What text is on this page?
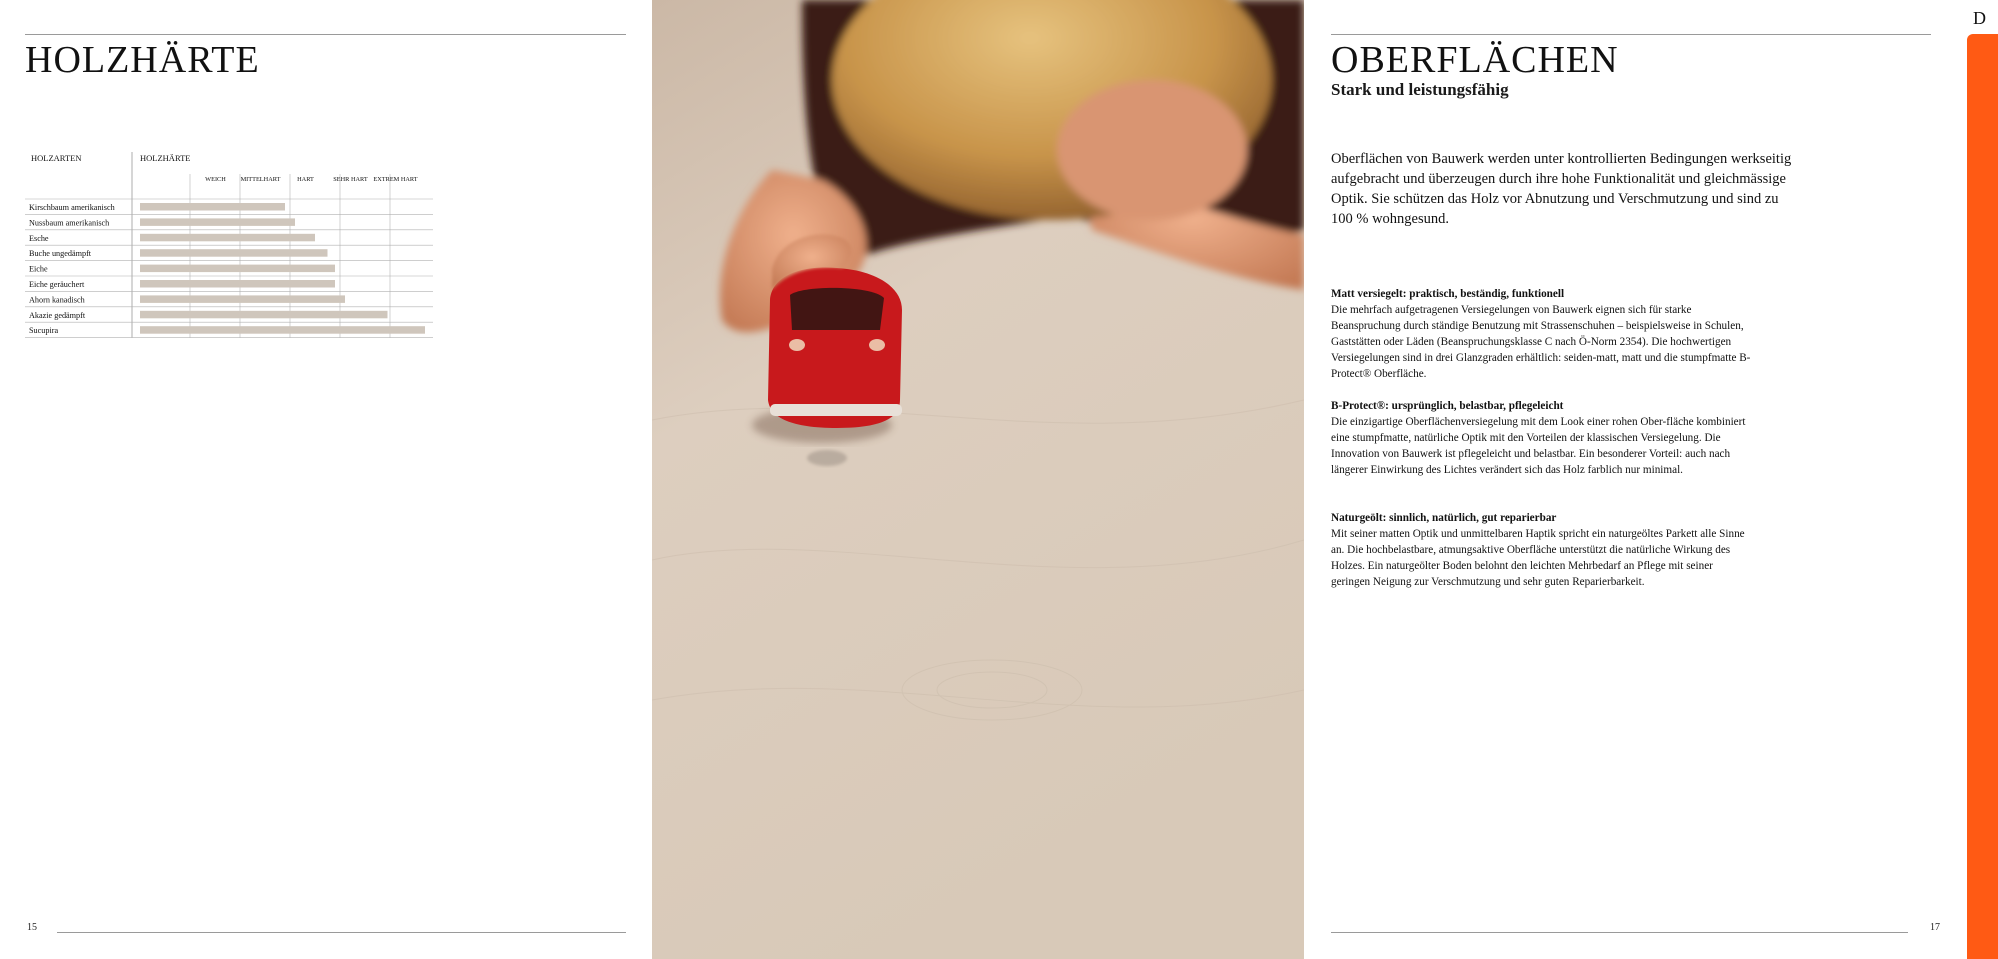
HOLZHÄRTE
HOLZARTEN	HOLZHÄRTE
WEICH MITTELHART	HART	SEHR HART EXTREM HART
Kirschbaum amerikanisch
Nussbaum amerikanisch
Esche
Buche ungedämpft
Eiche
Eiche geräuchert
Ahorn kanadisch
Akazie gedämpft
Sucupira
15
OBERFLÄCHEN
Stark und leistungsfähig

Oberflächen von Bauwerk werden unter kontrollierten Bedingungen werkseitig aufgebracht und überzeugen durch ihre hohe Funktionalität und gleichmässige Optik. Sie schützen das Holz vor Abnutzung und Verschmutzung und sind zu 100 % wohngesund.

Matt versiegelt: praktisch, beständig, funktionell

Die mehrfach aufgetragenen Versiegelungen von Bauwerk eignen sich für starke Beanspruchung durch ständige Benutzung mit Strassenschuhen – beispielsweise in Schulen, Gaststätten oder Läden (Beanspruchungsklasse C nach Ö-Norm 2354). Die hochwertigen Versiegelungen sind in drei Glanzgraden erhältlich: seiden-matt, matt und die stumpfmatte B-Protect® Oberfläche.

B-Protect®: ursprünglich, belastbar, pflegeleicht

Die einzigartige Oberflächenversiegelung mit dem Look einer rohen Ober-fläche kombiniert eine stumpfmatte, natürliche Optik mit den Vorteilen der klassischen Versiegelung. Die Innovation von Bauwerk ist pflegeleicht und belastbar. Ein besonderer Vorteil: auch nach längerer Einwirkung des Lichtes verändert sich das Holz farblich nur minimal.

Naturgeölt: sinnlich, natürlich, gut reparierbar

Mit seiner matten Optik und unmittelbaren Haptik spricht ein naturgeöltes Parkett alle Sinne an. Die hochbelastbare, atmungsaktive Oberfläche unterstützt die natürliche Wirkung des Holzes. Ein naturgeölter Boden belohnt den leichten Mehrbedarf an Pflege mit seiner geringen Neigung zur Verschmutzung und sehr guten Reparierbarkeit.

17
D
